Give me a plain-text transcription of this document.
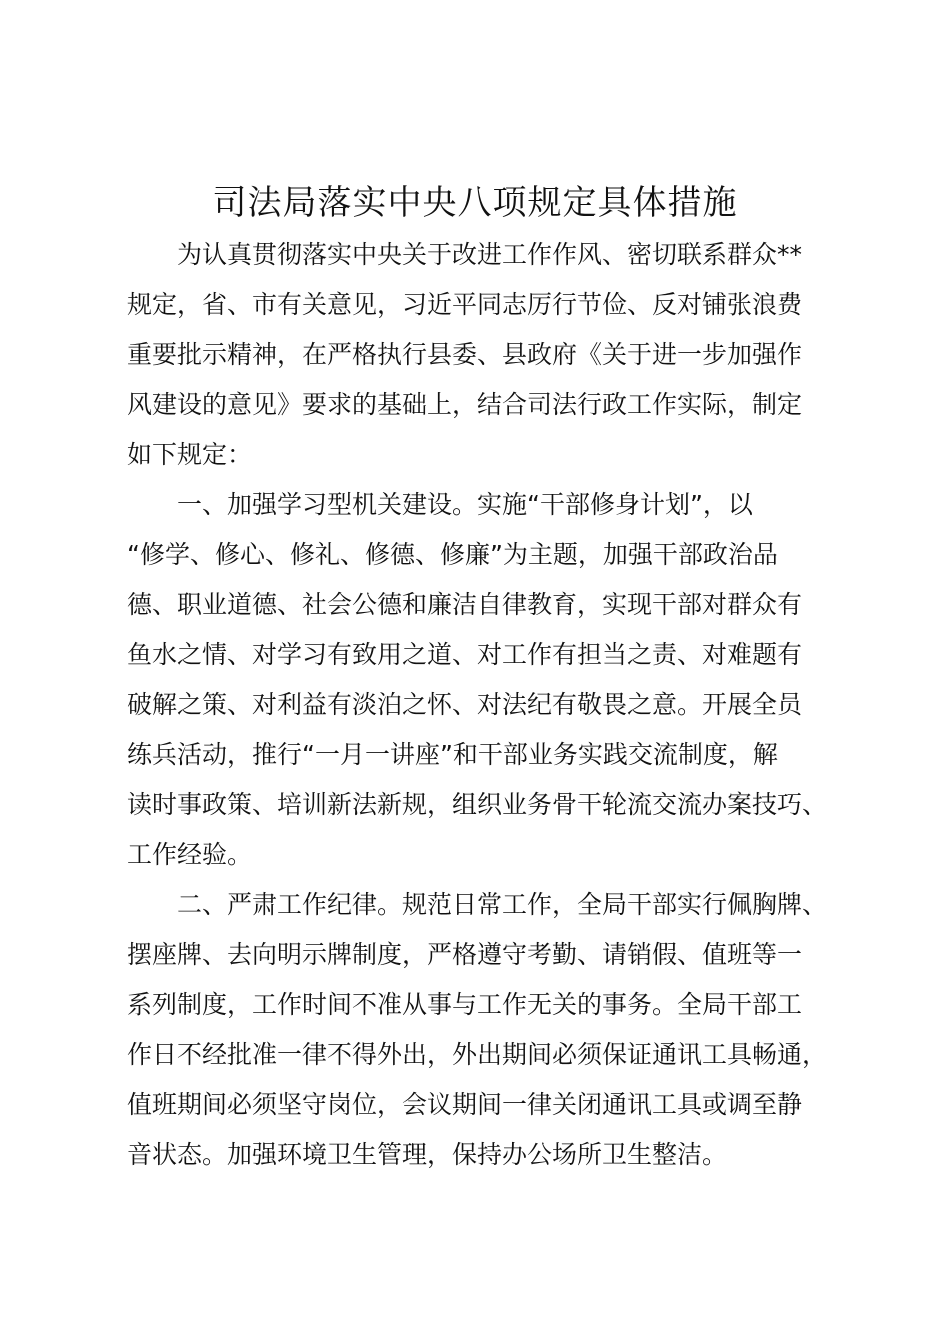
司法局落实中央八项规定具体措施

为认真贯彻落实中央关于改进工作作风、密切联系群众**
规定，省、市有关意见，习近平同志厉行节俭、反对铺张浪费
重要批示精神，在严格执行县委、县政府《关于进一步加强作
风建设的意见》要求的基础上，结合司法行政工作实际，制定
如下规定：

一、加强学习型机关建设。实施“干部修身计划”，以
“修学、修心、修礼、修德、修廉”为主题，加强干部政治品
德、职业道德、社会公德和廉洁自律教育，实现干部对群众有
鱼水之情、对学习有致用之道、对工作有担当之责、对难题有
破解之策、对利益有淡泊之怀、对法纪有敬畏之意。开展全员
练兵活动，推行“一月一讲座”和干部业务实践交流制度，解
读时事政策、培训新法新规，组织业务骨干轮流交流办案技巧、
工作经验。

二、严肃工作纪律。规范日常工作，全局干部实行佩胸牌、
摆座牌、去向明示牌制度，严格遵守考勤、请销假、值班等一
系列制度，工作时间不准从事与工作无关的事务。全局干部工
作日不经批准一律不得外出，外出期间必须保证通讯工具畅通，
值班期间必须坚守岗位，会议期间一律关闭通讯工具或调至静
音状态。加强环境卫生管理，保持办公场所卫生整洁。
